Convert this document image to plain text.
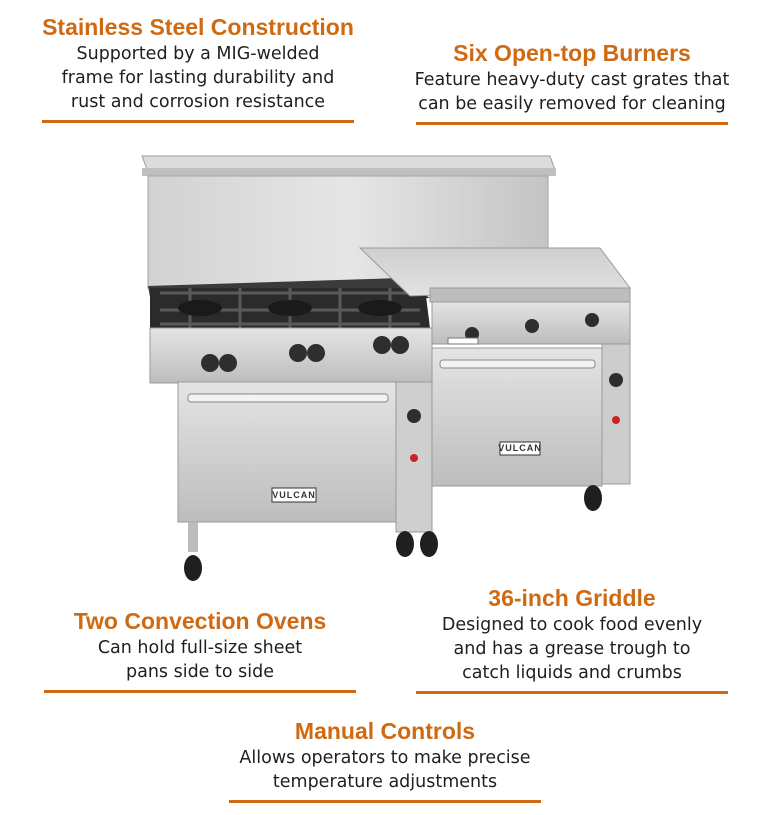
Stainless Steel Construction
Supported by a MIG-welded
frame for lasting durability and
rust and corrosion resistance
Six Open-top Burners
Feature heavy-duty cast grates that
can be easily removed for cleaning
Two Convection Ovens
Can hold full-size sheet
pans side to side
36-inch Griddle
Designed to cook food evenly
and has a grease trough to
catch liquids and crumbs
Manual Controls
Allows operators to make precise
temperature adjustments
VULCAN
VULCAN
